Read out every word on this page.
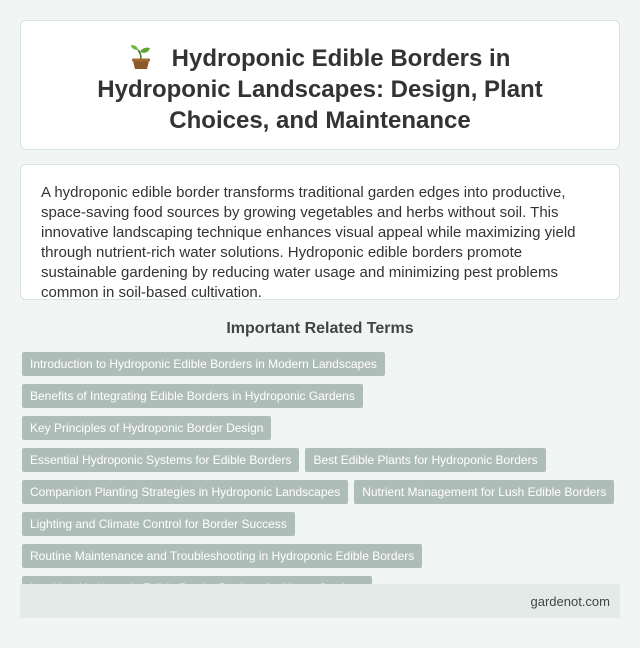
Hydroponic Edible Borders in Hydroponic Landscapes: Design, Plant Choices, and Maintenance

A hydroponic edible border transforms traditional garden edges into productive, space-saving food sources by growing vegetables and herbs without soil. This innovative landscaping technique enhances visual appeal while maximizing yield through nutrient-rich water solutions. Hydroponic edible borders promote sustainable gardening by reducing water usage and minimizing pest problems common in soil-based cultivation.

Important Related Terms
Introduction to Hydroponic Edible Borders in Modern Landscapes
Benefits of Integrating Edible Borders in Hydroponic GardensKey Principles of Hydroponic Border Design
Essential Hydroponic Systems for Edible Borders Best Edible Plants for Hydroponic Borders
Companion Planting Strategies in Hydroponic Landscapes Nutrient Management for Lush Edible Borders
Lighting and Climate Control for Border Success
Routine Maintenance and Troubleshooting in Hydroponic Edible Borders

gardenot.com
